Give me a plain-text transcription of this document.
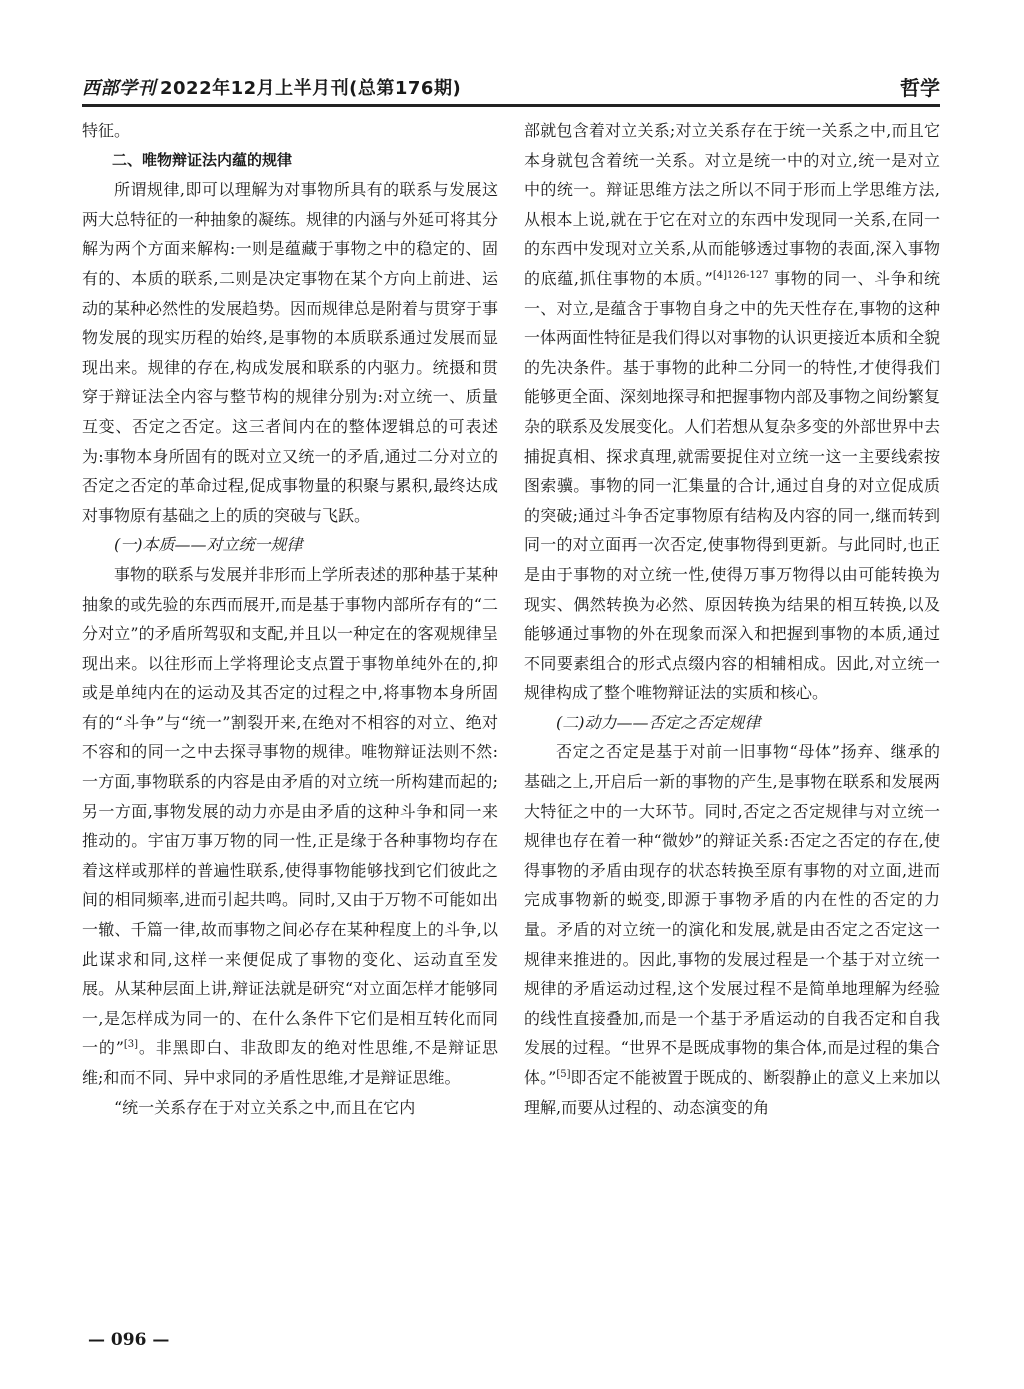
西部学刊 2022年12月上半月刊(总第176期)	哲学

特征。

二、唯物辩证法内蕴的规律

所谓规律,即可以理解为对事物所具有的联系与发展这两大总特征的一种抽象的凝练。规律的内涵与外延可将其分解为两个方面来解构:一则是蕴藏于事物之中的稳定的、固有的、本质的联系,二则是决定事物在某个方向上前进、运动的某种必然性的发展趋势。因而规律总是附着与贯穿于事物发展的现实历程的始终,是事物的本质联系通过发展而显现出来。规律的存在,构成发展和联系的内驱力。统摄和贯穿于辩证法全内容与整节构的规律分别为:对立统一、质量互变、否定之否定。这三者间内在的整体逻辑总的可表述为:事物本身所固有的既对立又统一的矛盾,通过二分对立的否定之否定的革命过程,促成事物量的积聚与累积,最终达成对事物原有基础之上的质的突破与飞跃。

(一)本质——对立统一规律

事物的联系与发展并非形而上学所表述的那种基于某种抽象的或先验的东西而展开,而是基于事物内部所存有的“二分对立”的矛盾所驾驭和支配,并且以一种定在的客观规律呈现出来。以往形而上学将理论支点置于事物单纯外在的,抑或是单纯内在的运动及其否定的过程之中,将事物本身所固有的“斗争”与“统一”割裂开来,在绝对不相容的对立、绝对不容和的同一之中去探寻事物的规律。唯物辩证法则不然:一方面,事物联系的内容是由矛盾的对立统一所构建而起的;另一方面,事物发展的动力亦是由矛盾的这种斗争和同一来推动的。宇宙万事万物的同一性,正是缘于各种事物均存在着这样或那样的普遍性联系,使得事物能够找到它们彼此之间的相同频率,进而引起共鸣。同时,又由于万物不可能如出一辙、千篇一律,故而事物之间必存在某种程度上的斗争,以此谋求和同,这样一来便促成了事物的变化、运动直至发展。从某种层面上讲,辩证法就是研究“对立面怎样才能够同一,是怎样成为同一的、在什么条件下它们是相互转化而同一的”[3]。非黑即白、非敌即友的绝对性思维,不是辩证思维;和而不同、异中求同的矛盾性思维,才是辩证思维。

“统一关系存在于对立关系之中,而且在它内

部就包含着对立关系;对立关系存在于统一关系之中,而且它本身就包含着统一关系。对立是统一中的对立,统一是对立中的统一。辩证思维方法之所以不同于形而上学思维方法,从根本上说,就在于它在对立的东西中发现同一关系,在同一的东西中发现对立关系,从而能够透过事物的表面,深入事物的底蕴,抓住事物的本质。”$^{[4]126-127}$ 事物的同一、斗争和统一、对立,是蕴含于事物自身之中的先天性存在,事物的这种一体两面性特征是我们得以对事物的认识更接近本质和全貌的先决条件。基于事物的此种二分同一的特性,才使得我们能够更全面、深刻地探寻和把握事物内部及事物之间纷繁复杂的联系及发展变化。人们若想从复杂多变的外部世界中去捕捉真相、探求真理,就需要捉住对立统一这一主要线索按图索骥。事物的同一汇集量的合计,通过自身的对立促成质的突破;通过斗争否定事物原有结构及内容的同一,继而转到同一的对立面再一次否定,使事物得到更新。与此同时,也正是由于事物的对立统一性,使得万事万物得以由可能转换为现实、偶然转换为必然、原因转换为结果的相互转换,以及能够通过事物的外在现象而深入和把握到事物的本质,通过不同要素组合的形式点缀内容的相辅相成。因此,对立统一规律构成了整个唯物辩证法的实质和核心。

(二)动力——否定之否定规律

否定之否定是基于对前一旧事物“母体”扬弃、继承的基础之上,开启后一新的事物的产生,是事物在联系和发展两大特征之中的一大环节。同时,否定之否定规律与对立统一规律也存在着一种“微妙”的辩证关系:否定之否定的存在,使得事物的矛盾由现存的状态转换至原有事物的对立面,进而完成事物新的蜕变,即源于事物矛盾的内在性的否定的力量。矛盾的对立统一的演化和发展,就是由否定之否定这一规律来推进的。因此,事物的发展过程是一个基于对立统一规律的矛盾运动过程,这个发展过程不是简单地理解为经验的线性直接叠加,而是一个基于矛盾运动的自我否定和自我发展的过程。“世界不是既成事物的集合体,而是过程的集合体。”[5]即否定不能被置于既成的、断裂静止的意义上来加以理解,而要从过程的、动态演变的角

— 096 —
